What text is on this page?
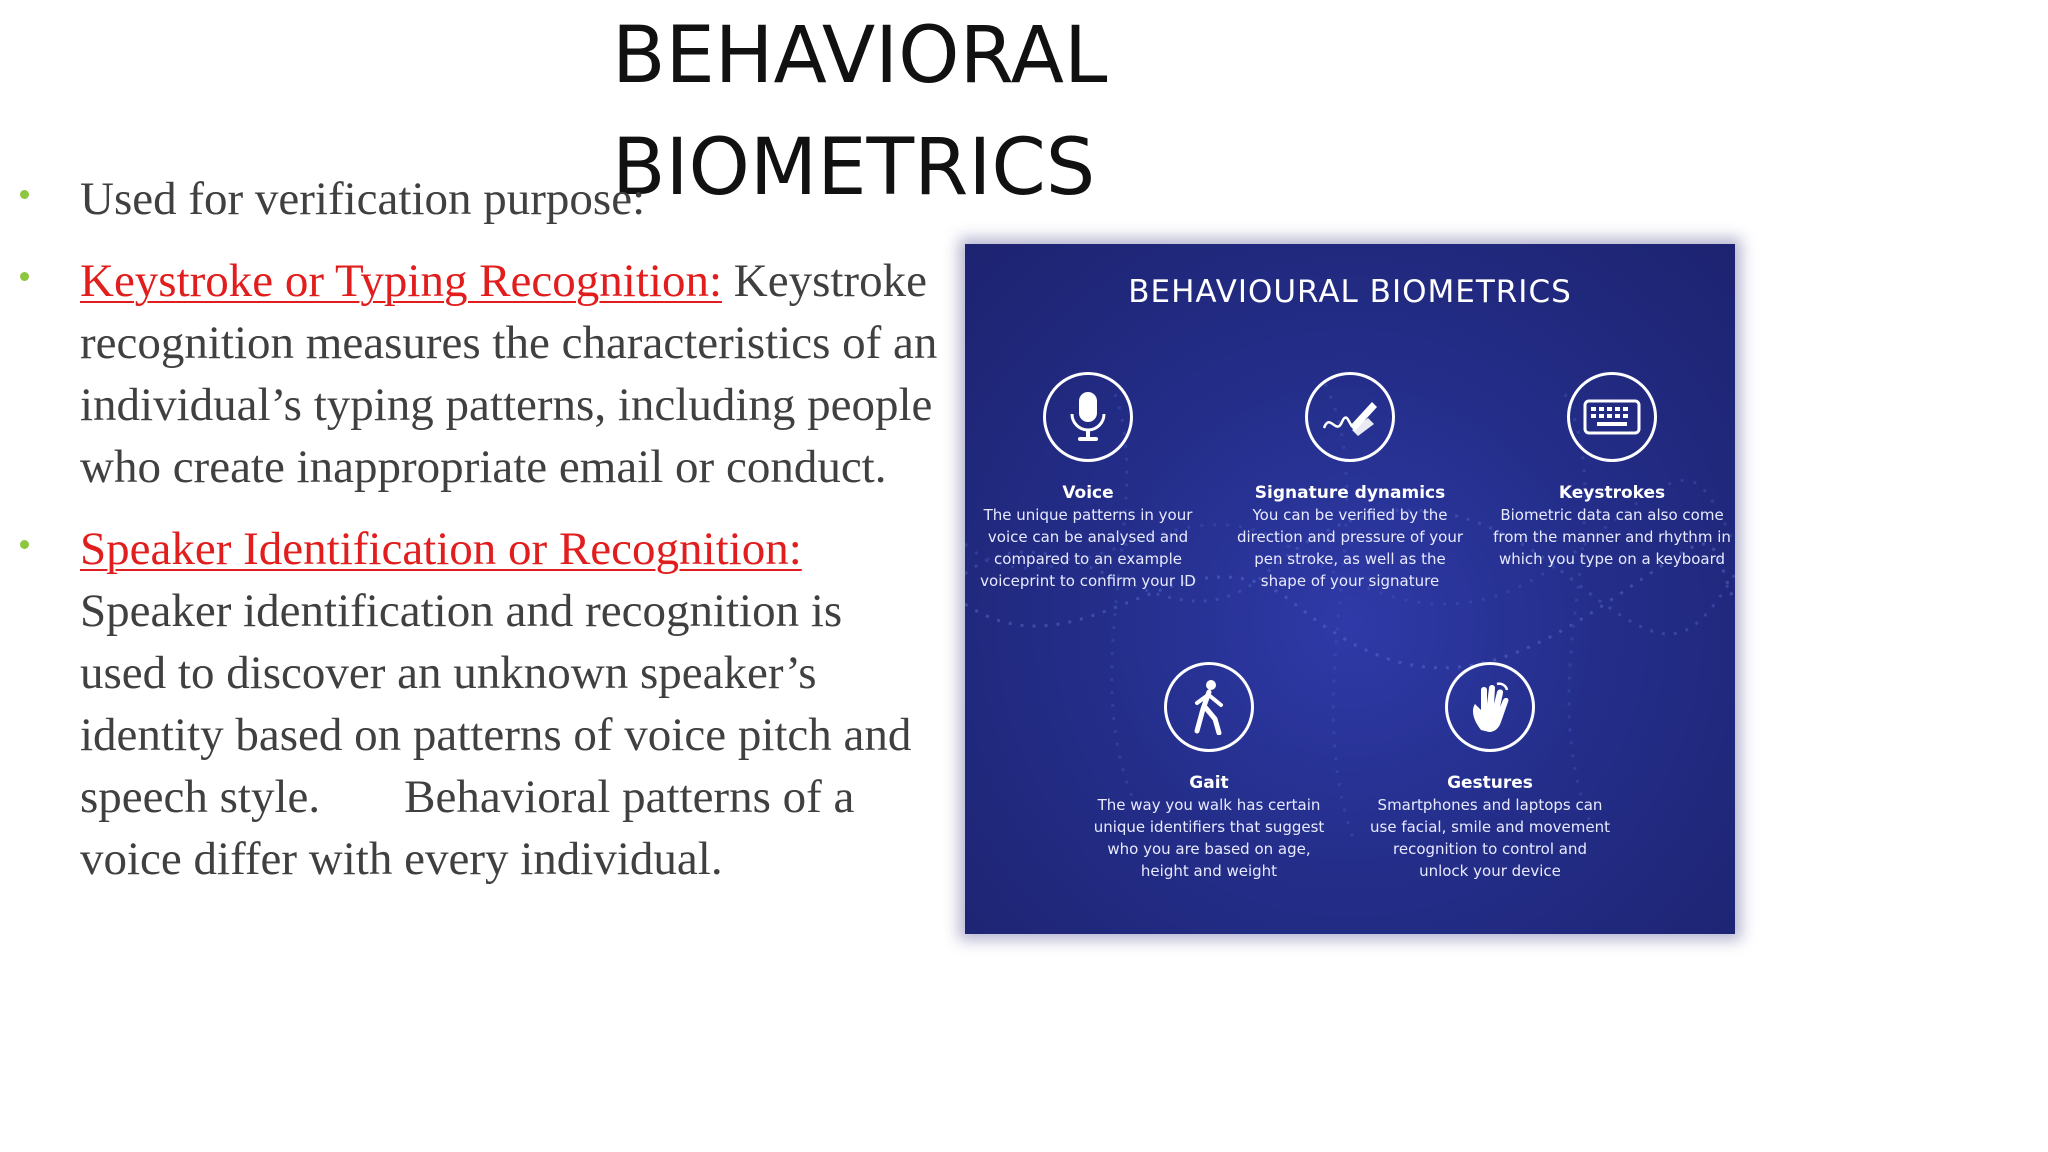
BEHAVIORAL
BIOMETRICS
Used for verification purpose:
Keystroke or Typing Recognition: Keystroke recognition measures the characteristics of an individual’s typing patterns, including people who create inappropriate email or conduct.
Speaker Identification or Recognition: Speaker identification and recognition is used to discover an unknown speaker’s identity based on patterns of voice pitch and speech style. Behavioral patterns of a voice differ with every individual.
BEHAVIOURAL BIOMETRICS
Voice
The unique patterns in your voice can be analysed and compared to an example voiceprint to confirm your ID
Signature dynamics
You can be verified by the direction and pressure of your pen stroke, as well as the shape of your signature
Keystrokes
Biometric data can also come from the manner and rhythm in which you type on a keyboard
Gait
The way you walk has certain unique identifiers that suggest who you are based on age, height and weight
Gestures
Smartphones and laptops can use facial, smile and movement recognition to control and unlock your device
